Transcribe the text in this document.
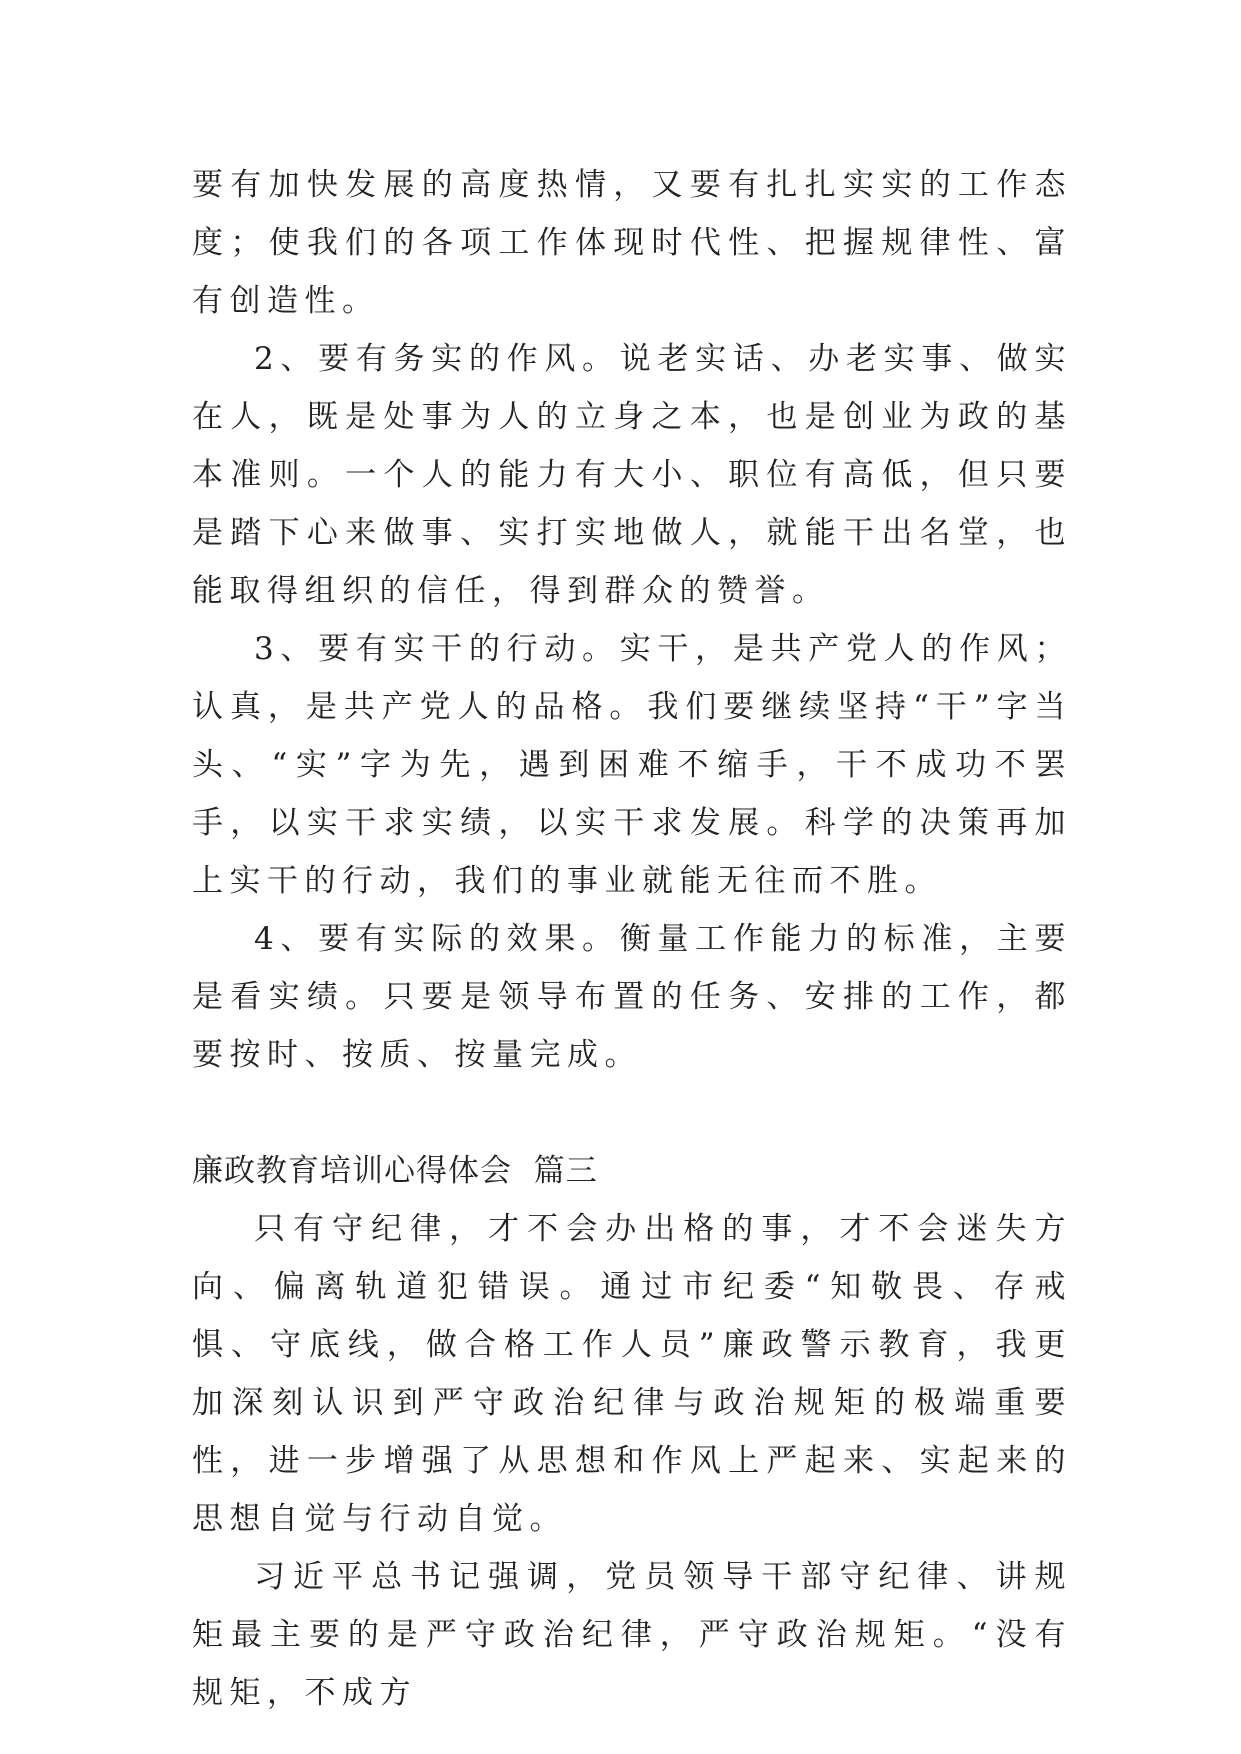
要有加快发展的高度热情，又要有扎扎实实的工作态度；使我们的各项工作体现时代性、把握规律性、富有创造性。

2、要有务实的作风。说老实话、办老实事、做实在人，既是处事为人的立身之本，也是创业为政的基本准则。一个人的能力有大小、职位有高低，但只要是踏下心来做事、实打实地做人，就能干出名堂，也能取得组织的信任，得到群众的赞誉。

3、要有实干的行动。实干，是共产党人的作风；认真，是共产党人的品格。我们要继续坚持“干”字当头、“实”字为先，遇到困难不缩手，干不成功不罢手，以实干求实绩，以实干求发展。科学的决策再加上实干的行动，我们的事业就能无往而不胜。

4、要有实际的效果。衡量工作能力的标准，主要是看实绩。只要是领导布置的任务、安排的工作，都要按时、按质、按量完成。

廉政教育培训心得体会  篇三

只有守纪律，才不会办出格的事，才不会迷失方向、偏离轨道犯错误。通过市纪委“知敬畏、存戒惧、守底线，做合格工作人员”廉政警示教育，我更加深刻认识到严守政治纪律与政治规矩的极端重要性，进一步增强了从思想和作风上严起来、实起来的思想自觉与行动自觉。

习近平总书记强调，党员领导干部守纪律、讲规矩最主要的是严守政治纪律，严守政治规矩。“没有规矩，不成方
